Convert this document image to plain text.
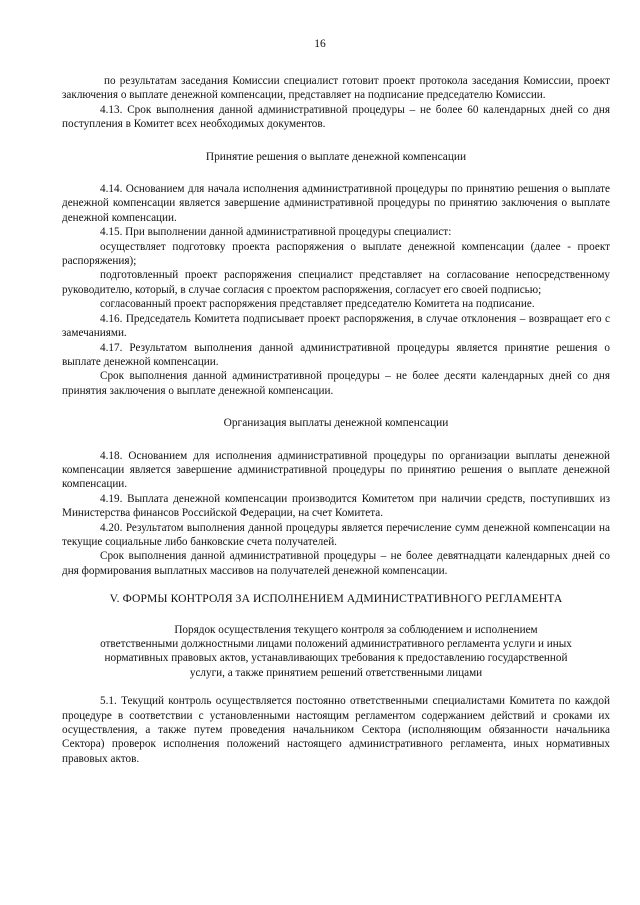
16

по результатам заседания Комиссии специалист готовит проект протокола заседания Комиссии, проект заключения о выплате денежной компенсации, представляет на подписание председателю Комиссии.

4.13. Срок выполнения данной административной процедуры – не более 60 календарных дней со дня поступления в Комитет всех необходимых документов.

Принятие решения о выплате денежной компенсации

4.14. Основанием для начала исполнения административной процедуры по принятию решения о выплате денежной компенсации является завершение административной процедуры по принятию заключения о выплате денежной компенсации.

4.15. При выполнении данной административной процедуры специалист:

осуществляет подготовку проекта распоряжения о выплате денежной компенсации (далее - проект распоряжения);

подготовленный проект распоряжения специалист представляет на согласование непосредственному руководителю, который, в случае согласия с проектом распоряжения, согласует его своей подписью;

согласованный проект распоряжения представляет председателю Комитета на подписание.

4.16. Председатель Комитета подписывает проект распоряжения, в случае отклонения – возвращает его с замечаниями.

4.17. Результатом выполнения данной административной процедуры является принятие решения о выплате денежной компенсации.

Срок выполнения данной административной процедуры – не более десяти календарных дней со дня принятия заключения о выплате денежной компенсации.

Организация выплаты денежной компенсации

4.18. Основанием для исполнения административной процедуры по организации выплаты денежной компенсации является завершение административной процедуры по принятию решения о выплате денежной компенсации.

4.19. Выплата денежной компенсации производится Комитетом при наличии средств, поступивших из Министерства финансов Российской Федерации, на счет Комитета.

4.20. Результатом выполнения данной процедуры является перечисление сумм денежной компенсации на текущие социальные либо банковские счета получателей.

Срок выполнения данной административной процедуры – не более девятнадцати календарных дней со дня формирования выплатных массивов на получателей денежной компенсации.

V. ФОРМЫ КОНТРОЛЯ ЗА ИСПОЛНЕНИЕМ АДМИНИСТРАТИВНОГО РЕГЛАМЕНТА

Порядок осуществления текущего контроля за соблюдением и исполнением

ответственными должностными лицами положений административного регламента услуги и иных

нормативных правовых актов, устанавливающих требования к предоставлению государственной

услуги, а также принятием решений ответственными лицами

5.1. Текущий контроль осуществляется постоянно ответственными специалистами Комитета по каждой процедуре в соответствии с установленными настоящим регламентом содержанием действий и сроками их осуществления, а также путем проведения начальником Сектора (исполняющим обязанности начальника Сектора) проверок исполнения положений настоящего административного регламента, иных нормативных правовых актов.
